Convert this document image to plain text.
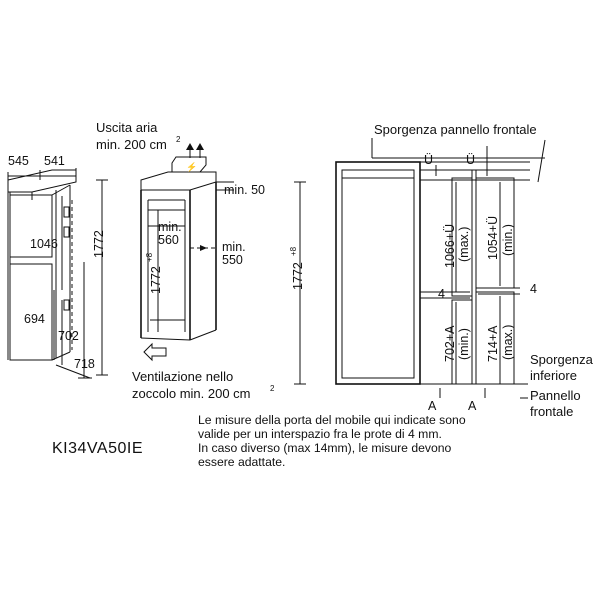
545 541
1046	1772
694
702
718
⚡
Uscita aria
min. 200 cm 2
min. 50
min.
560	min.
550
1772
+8
Ventilazione nello
zoccolo min. 200 cm 2
Sporgenza pannello frontale
Ü	Ü
1772
+8	1066+Ü (max.) 1054+Ü (min.)
4	4
702+A (min.) 714+A (max.)
A	A
Sporgenza
inferiore
Pannello
frontale
Le misure della porta del mobile qui indicate sono
valide per un interspazio fra le prote di 4 mm.
In caso diverso (max 14mm), le misure devono
essere adattate.
KI34VA50IE
